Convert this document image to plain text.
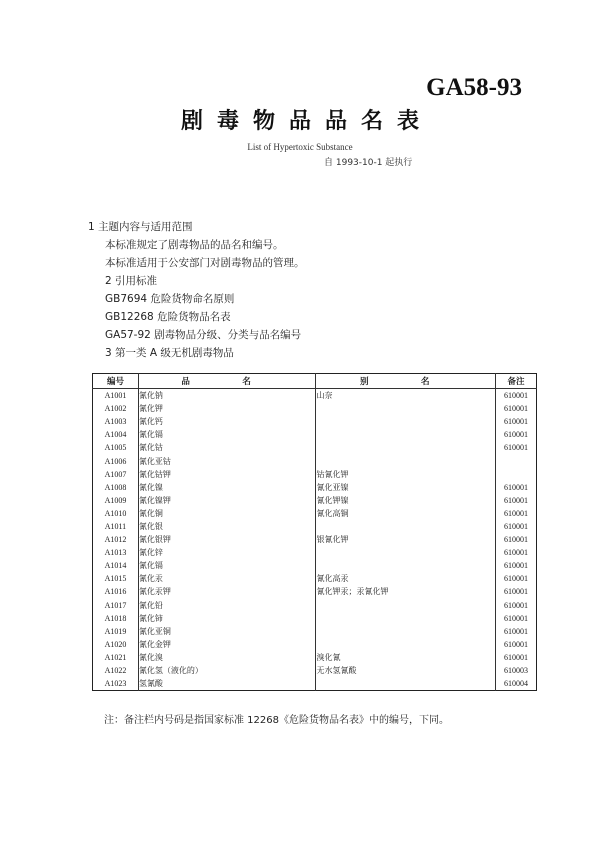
GA58-93
剧毒物品品名表
List of Hypertoxic Substance
自 1993-10-1 起执行
1 主题内容与适用范围
本标准规定了剧毒物品的品名和编号。
本标准适用于公安部门对剧毒物品的管理。
2 引用标准
GB7694 危险货物命名原则
GB12268 危险货物品名表
GA57-92 剧毒物品分级、分类与品名编号
3 第一类 A 级无机剧毒物品
编号	品　名	别　名	备注
A1001	氰化钠	山奈	610001
A1002	氰化钾		610001
A1003	氰化钙		610001
A1004	氰化镉		610001
A1005	氰化钴		610001
A1006	氰化亚钴		
A1007	氰化钴钾	钴氰化钾	
A1008	氰化镍	氰化亚镍	610001
A1009	氰化镍钾	氰化钾镍	610001
A1010	氰化铜	氰化高铜	610001
A1011	氰化银		610001
A1012	氰化银钾	银氰化钾	610001
A1013	氰化锌		610001
A1014	氰化镉		610001
A1015	氰化汞	氰化高汞	610001
A1016	氰化汞钾	氰化钾汞；汞氰化钾	610001
A1017	氰化铅		610001
A1018	氰化铈		610001
A1019	氰化亚铜		610001
A1020	氰化金钾		610001
A1021	氰化溴	溴化氰	610001
A1022	氰化氢（液化的）	无水氢氰酸	610003
A1023	氢氰酸		610004
注：备注栏内号码是指国家标准 12268《危险货物品名表》中的编号，下同。
